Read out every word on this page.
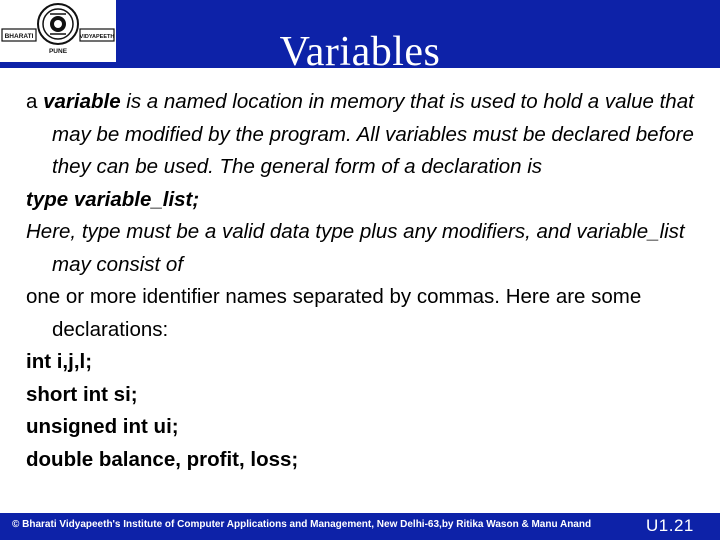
BHARATI	VIDYAPEETH
PUNE	Variables

a variable is a named location in memory that is used to hold a value that may be modified by the program. All variables must be declared before they can be used. The general form of a declaration is

type variable_list;

Here, type must be a valid data type plus any modifiers, and variable_list may consist of

one or more identifier names separated by commas. Here are some declarations:

int i,j,l;

short int si;

unsigned int ui;

double balance, profit, loss;

© Bharati Vidyapeeth's Institute of Computer Applications and Management, New Delhi-63,by Ritika Wason & Manu Anand	U1.21
